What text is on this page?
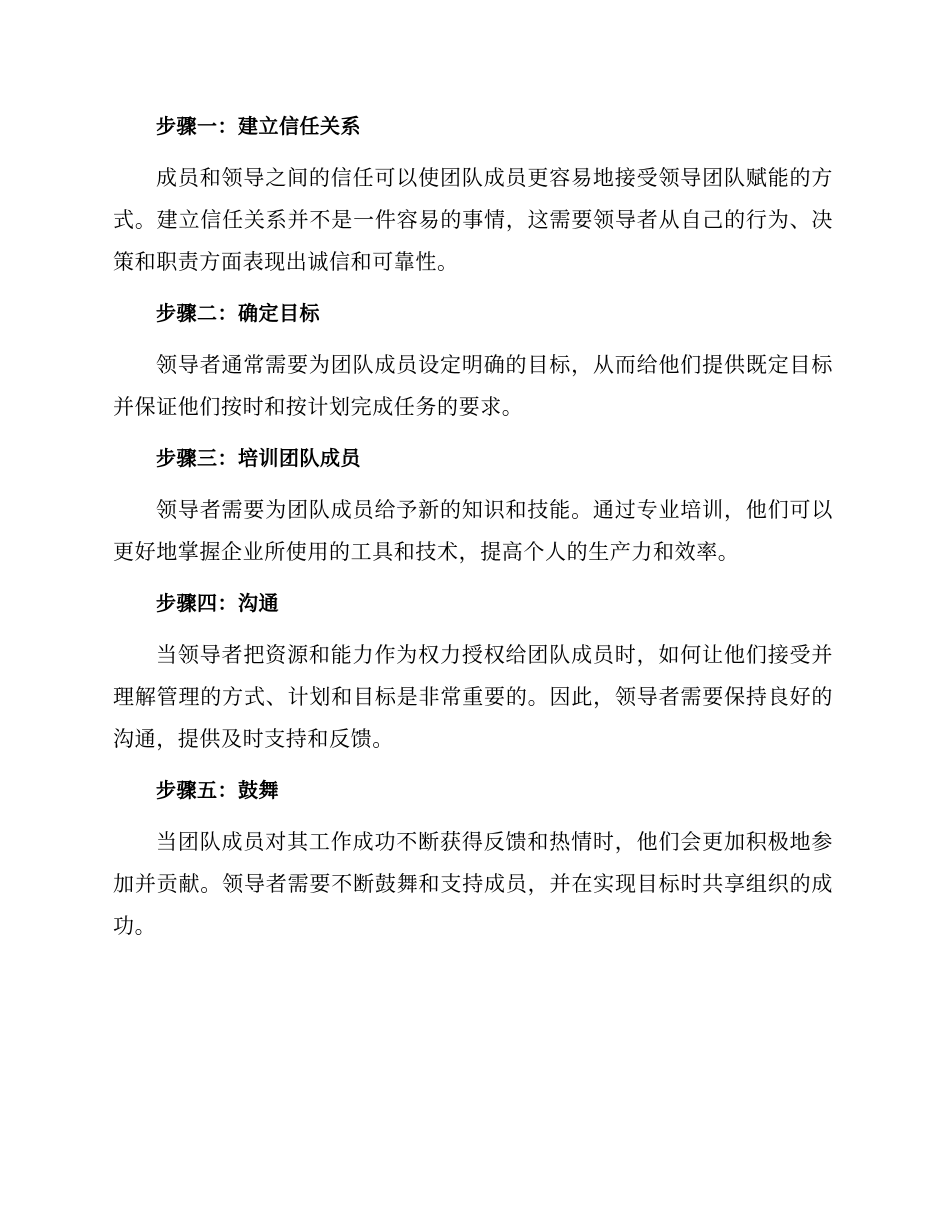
步骤一：建立信任关系

成员和领导之间的信任可以使团队成员更容易地接受领导团队赋能的方式。建立信任关系并不是一件容易的事情，这需要领导者从自己的行为、决策和职责方面表现出诚信和可靠性。

步骤二：确定目标

领导者通常需要为团队成员设定明确的目标，从而给他们提供既定目标并保证他们按时和按计划完成任务的要求。

步骤三：培训团队成员

领导者需要为团队成员给予新的知识和技能。通过专业培训，他们可以更好地掌握企业所使用的工具和技术，提高个人的生产力和效率。

步骤四：沟通

当领导者把资源和能力作为权力授权给团队成员时，如何让他们接受并理解管理的方式、计划和目标是非常重要的。因此，领导者需要保持良好的沟通，提供及时支持和反馈。

步骤五：鼓舞

当团队成员对其工作成功不断获得反馈和热情时，他们会更加积极地参加并贡献。领导者需要不断鼓舞和支持成员，并在实现目标时共享组织的成功。
